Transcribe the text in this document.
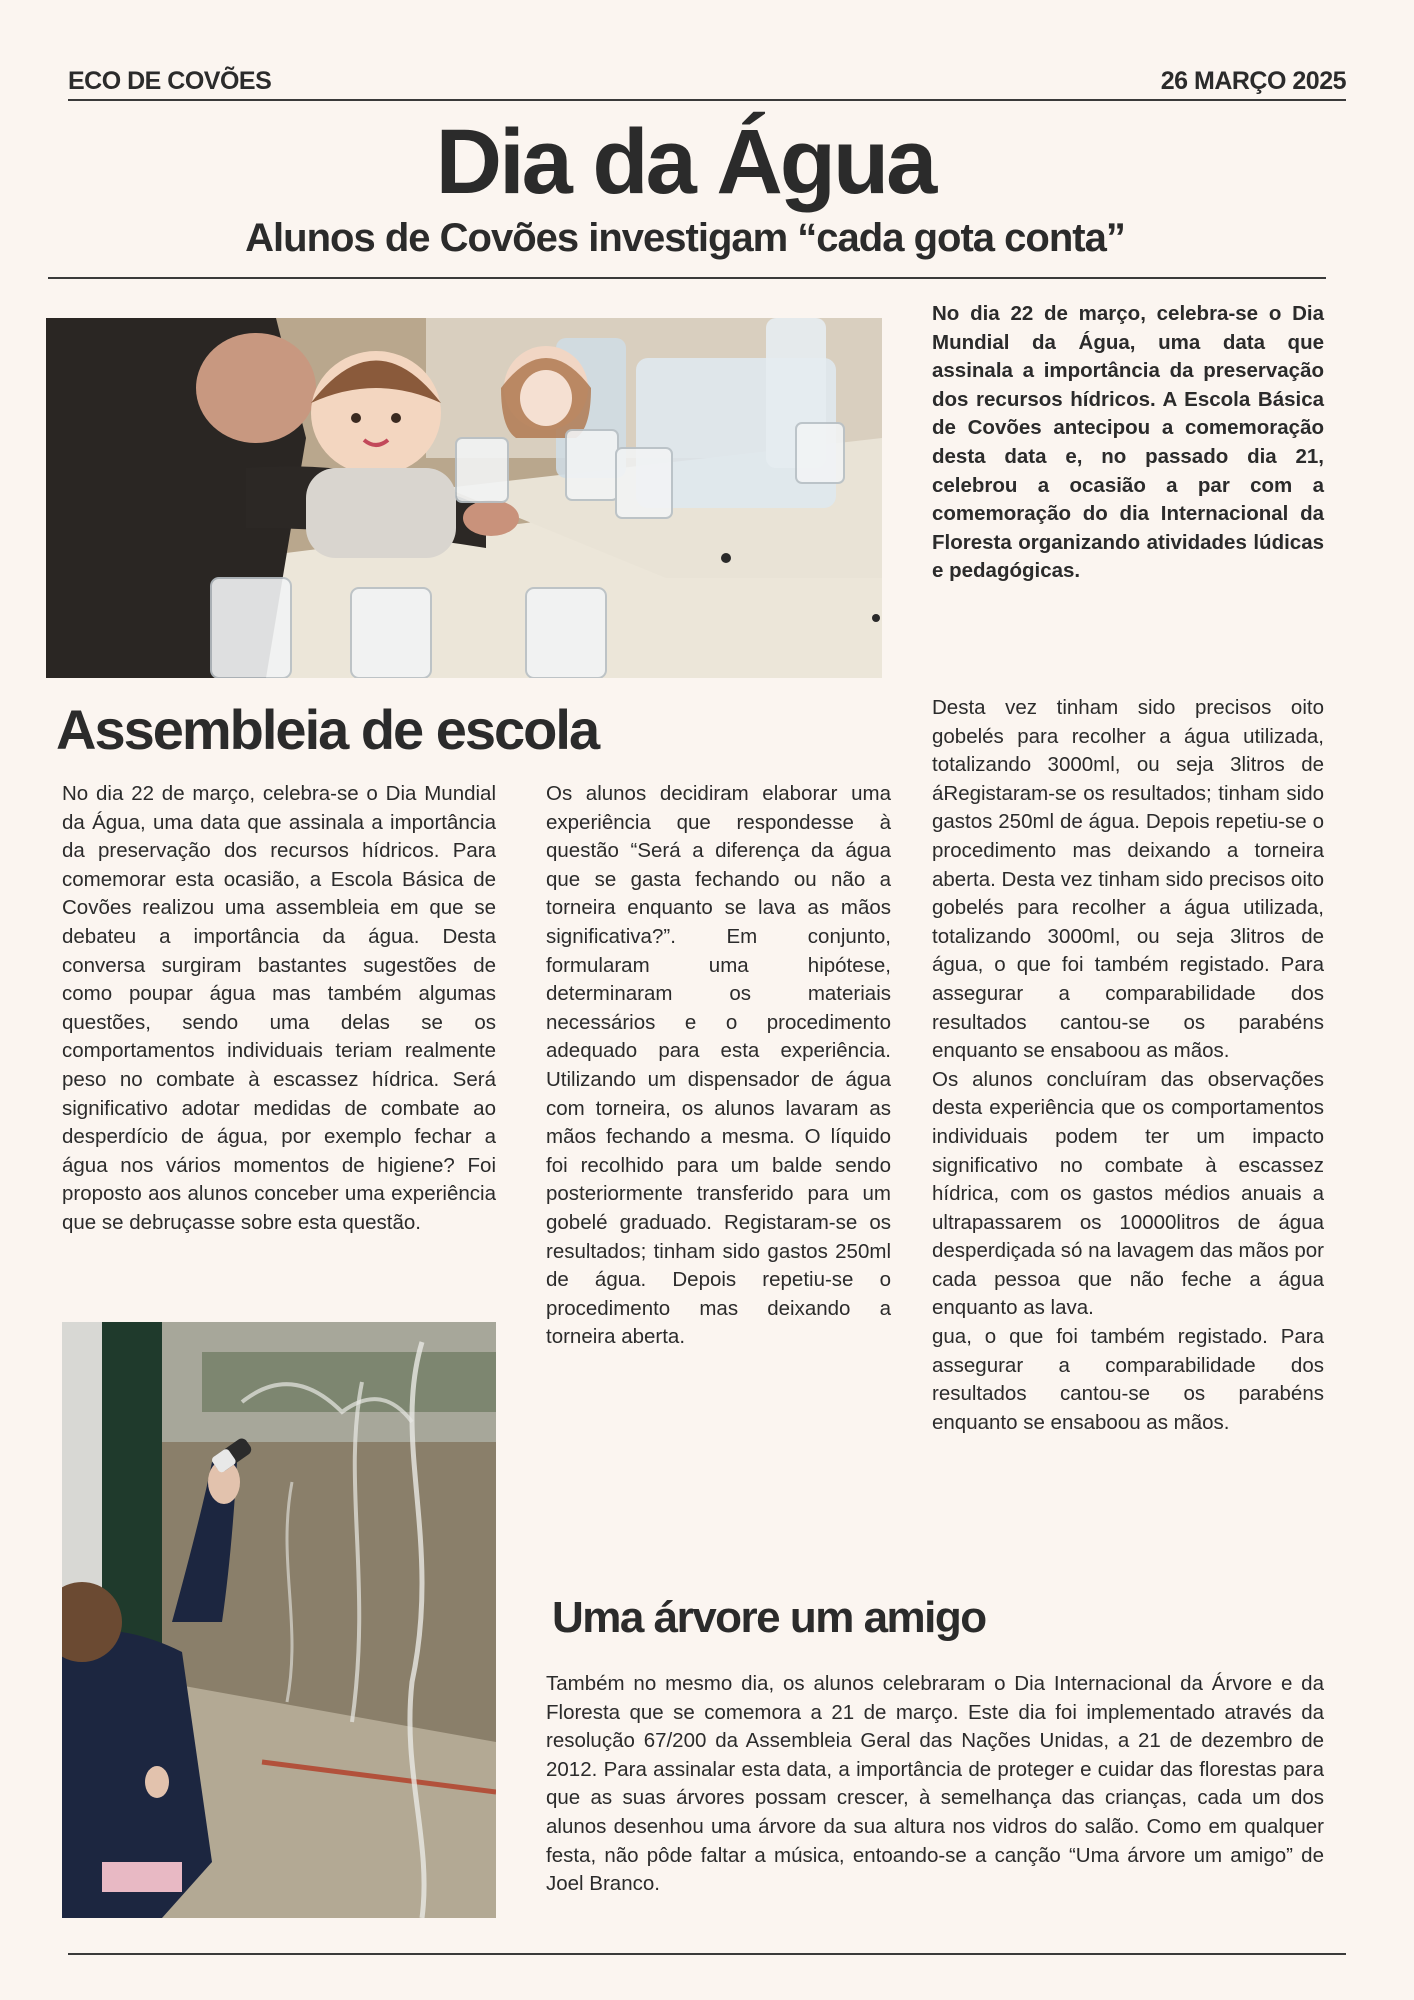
ECO DE COVÕES	26 MARÇO 2025
Dia da Água
Alunos de Covões investigam “cada gota conta”

No dia 22 de março, celebra-se o Dia Mundial da Água, uma data que assinala a importância da preservação dos recursos hídricos. A Escola Básica de Covões antecipou a comemoração desta data e, no passado dia 21, celebrou a ocasião a par com a comemoração do dia Internacional da Floresta organizando atividades lúdicas e pedagógicas.

Assembleia de escola

No dia 22 de março, celebra-se o Dia Mundial da Água, uma data que assinala a importância da preservação dos recursos hídricos. Para comemorar esta ocasião, a Escola Básica de Covões realizou uma assembleia em que se debateu a importância da água. Desta conversa surgiram bastantes sugestões de como poupar água mas também algumas questões, sendo uma delas se os comportamentos individuais teriam realmente peso no combate à escassez hídrica. Será significativo adotar medidas de combate ao desperdício de água, por exemplo fechar a água nos vários momentos de higiene? Foi proposto aos alunos conceber uma experiência que se debruçasse sobre esta questão.

Os alunos decidiram elaborar uma experiência que respondesse à questão “Será a diferença da água que se gasta fechando ou não a torneira enquanto se lava as mãos significativa?”. Em conjunto, formularam uma hipótese, determinaram os materiais necessários e o procedimento adequado para esta experiência. Utilizando um dispensador de água com torneira, os alunos lavaram as mãos fechando a mesma. O líquido foi recolhido para um balde sendo posteriormente transferido para um gobelé graduado. Registaram-se os resultados; tinham sido gastos 250ml de água. Depois repetiu-se o procedimento mas deixando a torneira aberta.

Desta vez tinham sido precisos oito gobelés para recolher a água utilizada, totalizando 3000ml, ou seja 3litros de áRegistaram-se os resultados; tinham sido gastos 250ml de água. Depois repetiu-se o procedimento mas deixando a torneira aberta. Desta vez tinham sido precisos oito gobelés para recolher a água utilizada, totalizando 3000ml, ou seja 3litros de água, o que foi também registado. Para assegurar a comparabilidade dos resultados cantou-se os parabéns enquanto se ensaboou as mãos.

Os alunos concluíram das observações desta experiência que os comportamentos individuais podem ter um impacto significativo no combate à escassez hídrica, com os gastos médios anuais a ultrapassarem os 10000litros de água desperdiçada só na lavagem das mãos por cada pessoa que não feche a água enquanto as lava.

gua, o que foi também registado. Para assegurar a comparabilidade dos resultados cantou-se os parabéns enquanto se ensaboou as mãos.

Uma árvore um amigo

Também no mesmo dia, os alunos celebraram o Dia Internacional da Árvore e da Floresta que se comemora a 21 de março. Este dia foi implementado através da resolução 67/200 da Assembleia Geral das Nações Unidas, a 21 de dezembro de 2012. Para assinalar esta data, a importância de proteger e cuidar das florestas para que as suas árvores possam crescer, à semelhança das crianças, cada um dos alunos desenhou uma árvore da sua altura nos vidros do salão. Como em qualquer festa, não pôde faltar a música, entoando-se a canção “Uma árvore um amigo” de Joel Branco.
